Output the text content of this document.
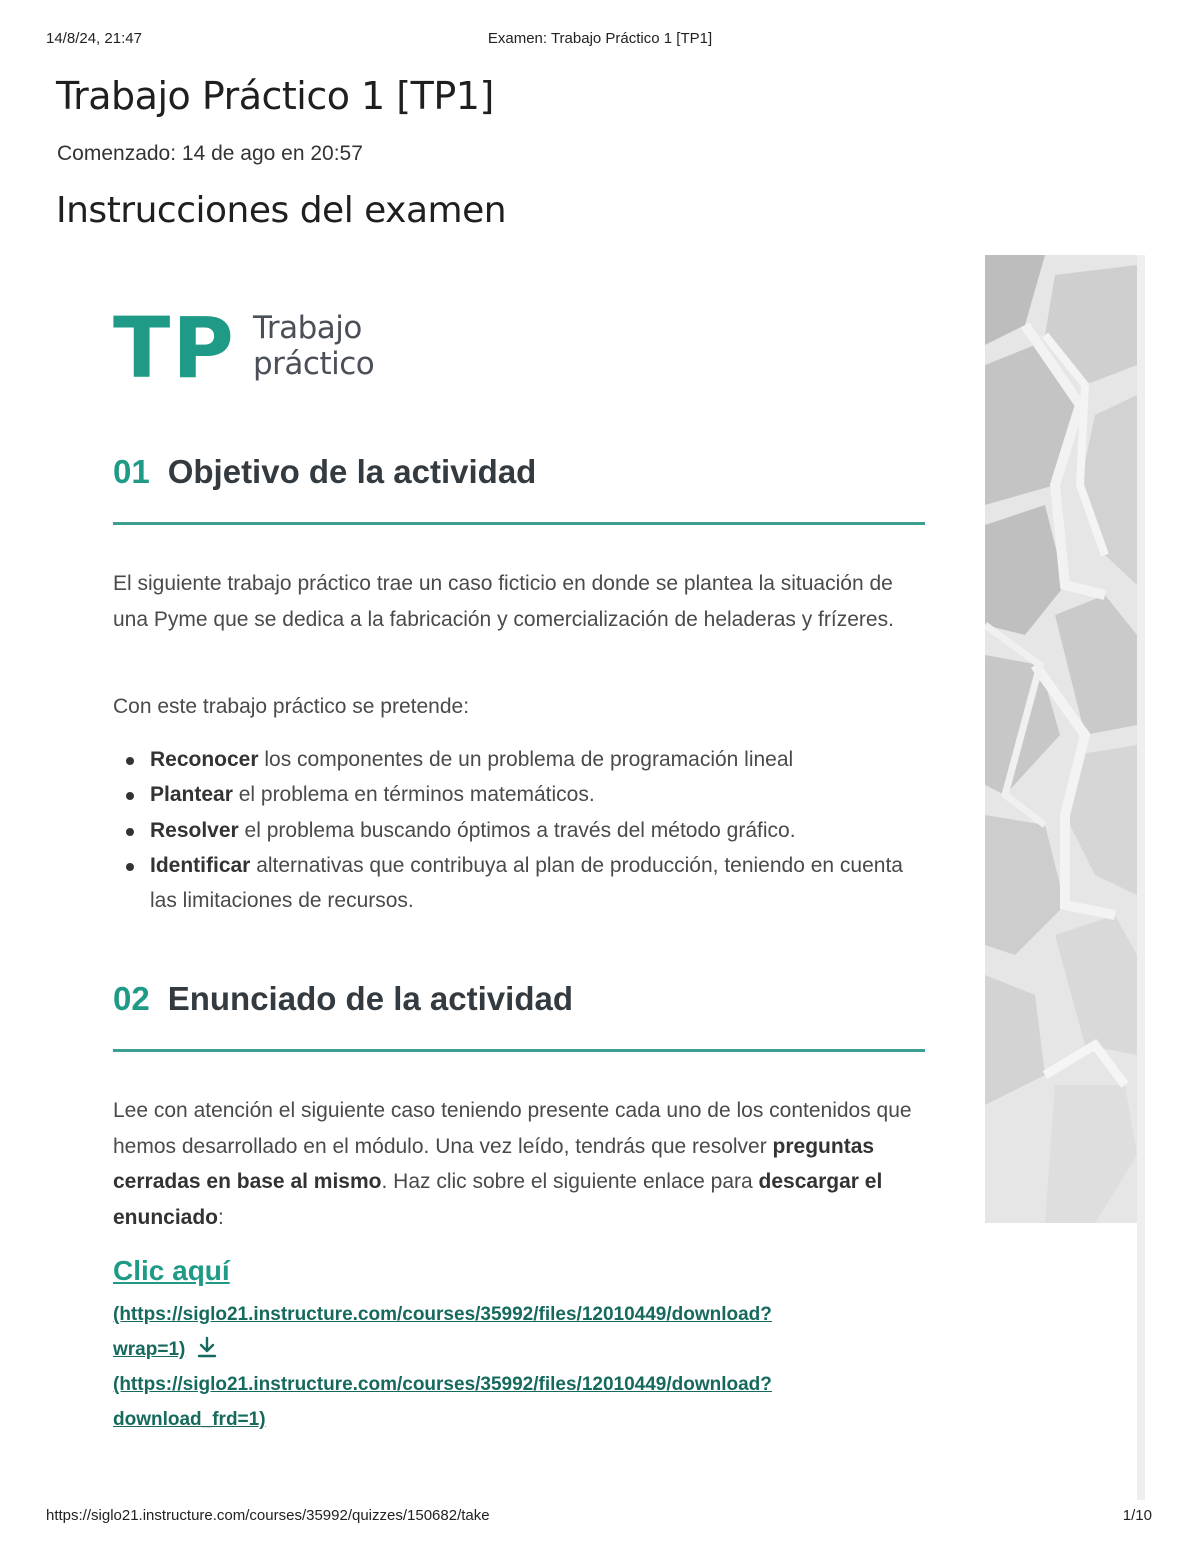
14/8/24, 21:47	Examen: Trabajo Práctico 1 [TP1]
Trabajo Práctico 1 [TP1]
Comenzado: 14 de ago en 20:57
Instrucciones del examen
TP Trabajo
práctico
01 Objetivo de la actividad

El siguiente trabajo práctico trae un caso ficticio en donde se plantea la situación de una Pyme que se dedica a la fabricación y comercialización de heladeras y frízeres.

Con este trabajo práctico se pretende:

Reconocer los componentes de un problema de programación lineal
Plantear el problema en términos matemáticos.
Resolver el problema buscando óptimos a través del método gráfico.
Identificar alternativas que contribuya al plan de producción, teniendo en cuenta las limitaciones de recursos.
02 Enunciado de la actividad

Lee con atención el siguiente caso teniendo presente cada uno de los contenidos que hemos desarrollado en el módulo. Una vez leído, tendrás que resolver preguntas cerradas en base al mismo. Haz clic sobre el siguiente enlace para descargar el enunciado:

Clic aquí

(https://siglo21.instructure.com/courses/35992/files/12010449/download?
wrap=1)

(https://siglo21.instructure.com/courses/35992/files/12010449/download?
download_frd=1)

https://siglo21.instructure.com/courses/35992/quizzes/150682/take	1/10
